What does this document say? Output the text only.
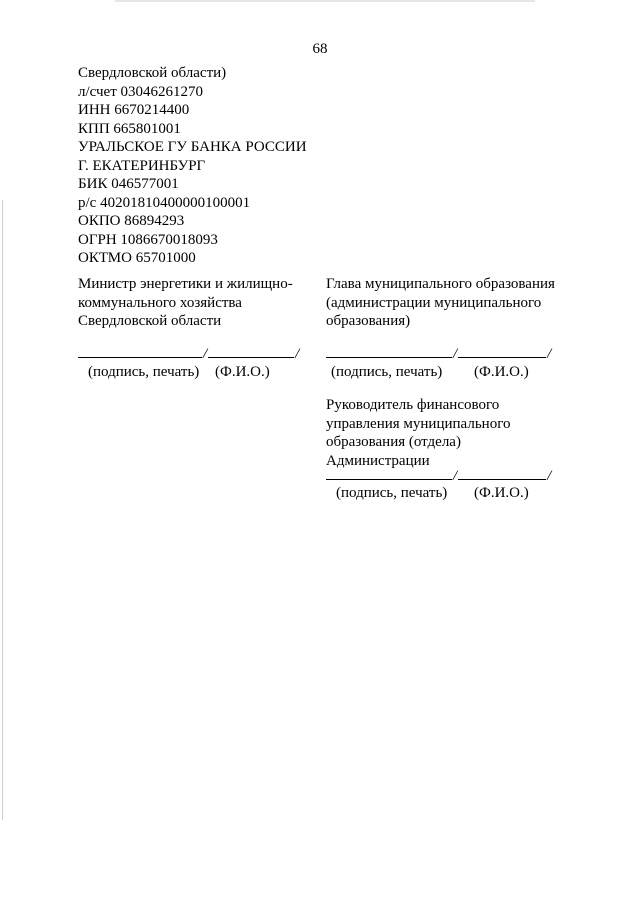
68
Свердловской области)
л/счет 03046261270
ИНН 6670214400
КПП 665801001
УРАЛЬСКОЕ ГУ БАНКА РОССИИ
Г. ЕКАТЕРИНБУРГ
БИК 046577001
р/с 40201810400000100001
ОКПО 86894293
ОГРН 1086670018093
ОКТМО 65701000
Министр энергетики и жилищно-
коммунального хозяйства
Свердловской области
/	/
(подпись, печать) (Ф.И.О.)
Глава муниципального образования
(администрации муниципального
образования)
/	/
(подпись, печать) (Ф.И.О.)
Руководитель финансового
управления муниципального
образования (отдела)
Администрации
/	/
(подпись, печать) (Ф.И.О.)
